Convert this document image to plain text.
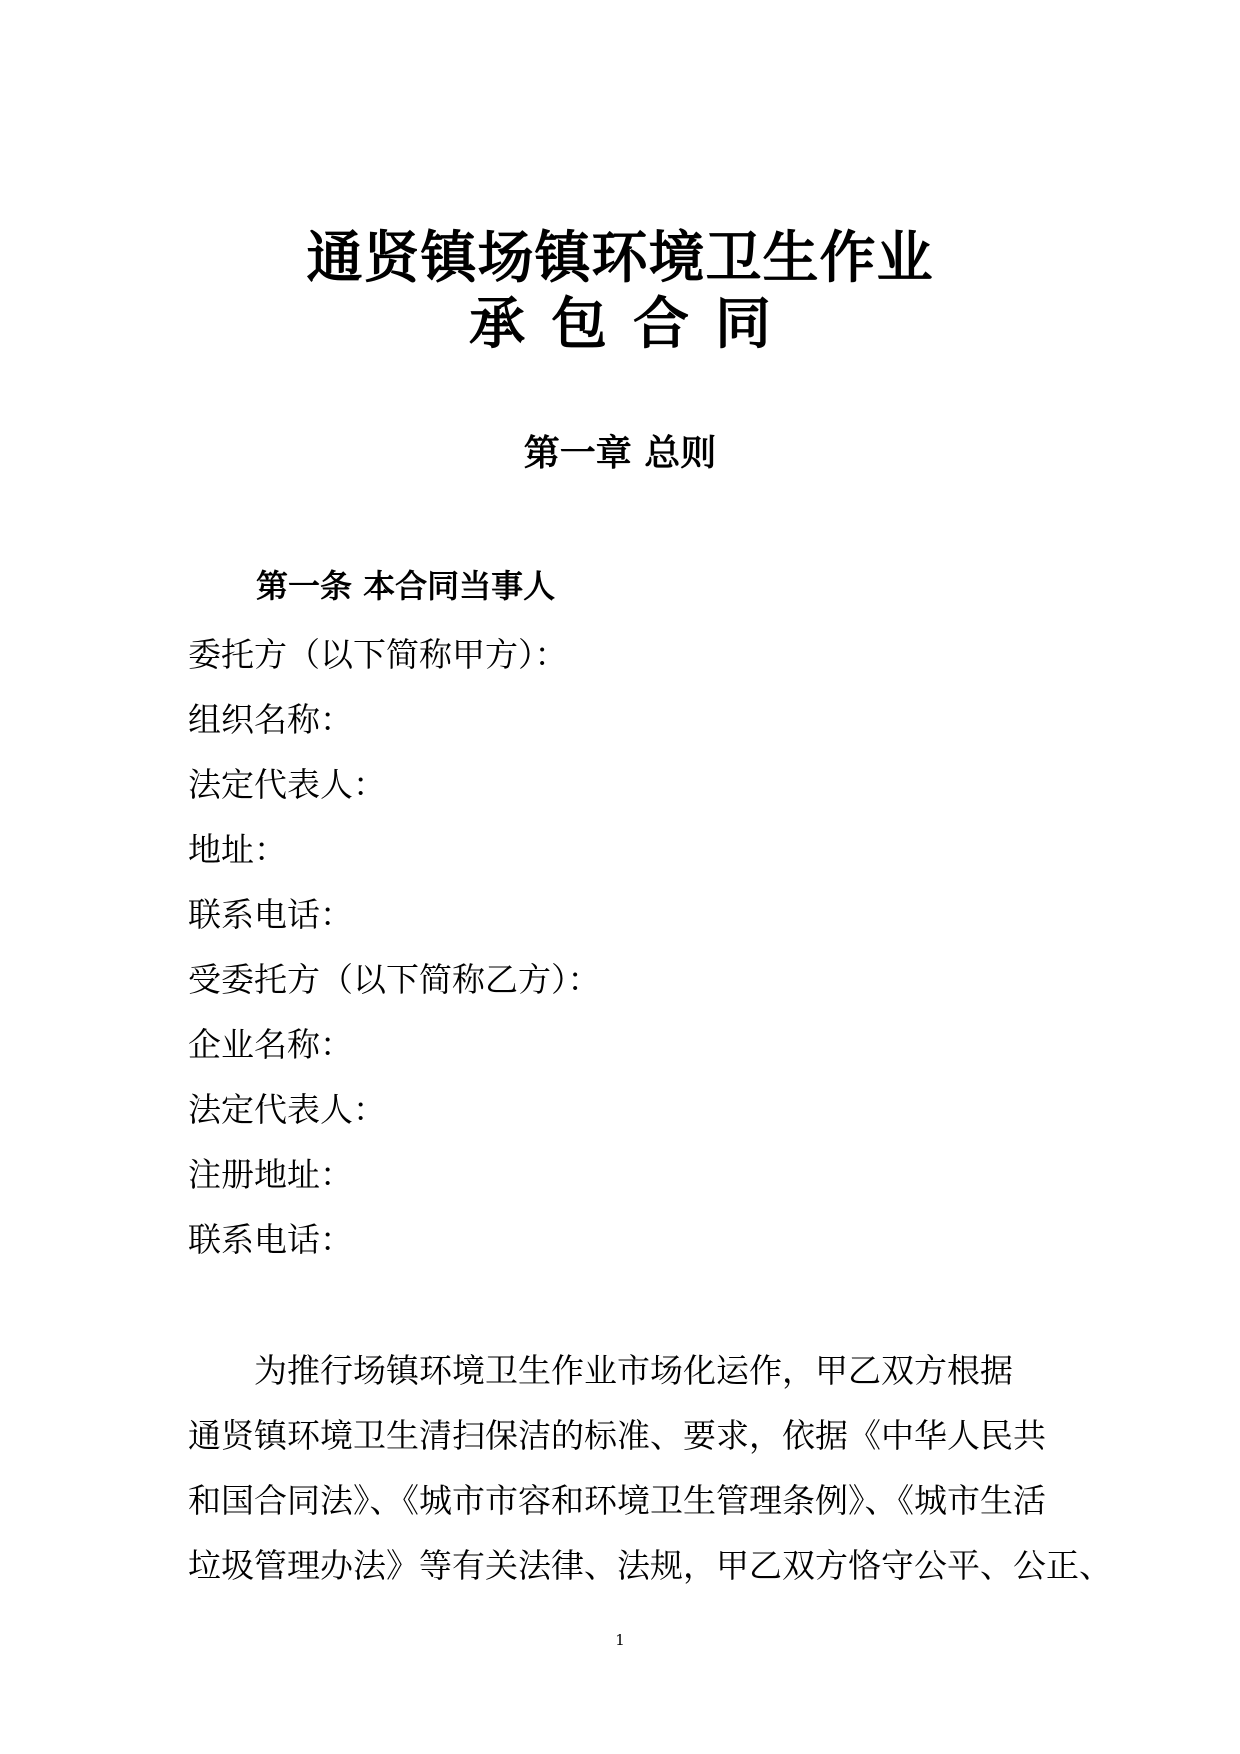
通贤镇场镇环境卫生作业
承包合同
第一章 总则
第一条 本合同当事人
委托方（以下简称甲方）：
组织名称：
法定代表人：
地址：
联系电话：
受委托方（以下简称乙方）：
企业名称：
法定代表人：
注册地址：
联系电话：
为推行场镇环境卫生作业市场化运作，甲乙双方根据
通贤镇环境卫生清扫保洁的标准、要求，依据《中华人民共
和国合同法》、《城市市容和环境卫生管理条例》、《城市生活
垃圾管理办法》等有关法律、法规，甲乙双方恪守公平、公正、
1
